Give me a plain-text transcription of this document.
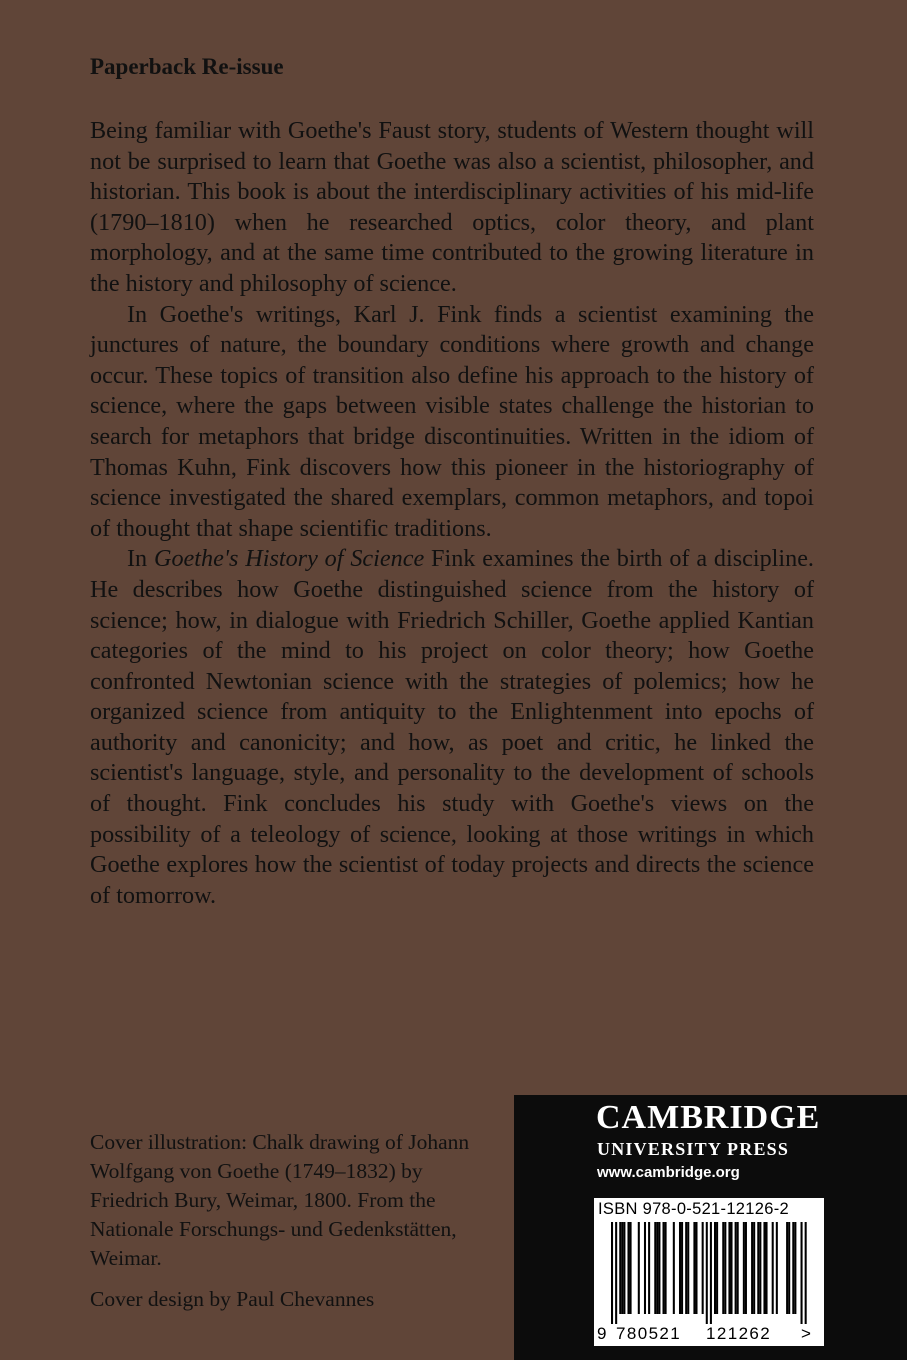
Paperback Re-issue

Being familiar with Goethe's Faust story, students of Western thought will not be surprised to learn that Goethe was also a scientist, philosopher, and historian. This book is about the interdisciplinary activities of his mid-life (1790–1810) when he researched optics, color theory, and plant morphology, and at the same time contributed to the growing literature in the history and philosophy of science.

In Goethe's writings, Karl J. Fink finds a scientist examining the junctures of nature, the boundary conditions where growth and change occur. These topics of transition also define his approach to the history of science, where the gaps between visible states challenge the historian to search for metaphors that bridge discontinuities. Written in the idiom of Thomas Kuhn, Fink discovers how this pioneer in the historiography of science investigated the shared exemplars, common metaphors, and topoi of thought that shape scientific traditions.

In Goethe's History of Science Fink examines the birth of a discipline. He describes how Goethe distinguished science from the history of science; how, in dialogue with Friedrich Schiller, Goethe applied Kantian categories of the mind to his project on color theory; how Goethe confronted Newtonian science with the strategies of polemics; how he organized science from antiquity to the Enlightenment into epochs of authority and canonicity; and how, as poet and critic, he linked the scientist's language, style, and personality to the development of schools of thought. Fink concludes his study with Goethe's views on the possibility of a teleology of science, looking at those writings in which Goethe explores how the scientist of today projects and directs the science of tomorrow.

Cover illustration: Chalk drawing of Johann Wolfgang von Goethe (1749–1832) by Friedrich Bury, Weimar, 1800. From the Nationale Forschungs- und Gedenkstätten, Weimar.

Cover design by Paul Chevannes

CAMBRIDGE
UNIVERSITY PRESS
www.cambridge.org
ISBN 978-0-521-12126-2
9 780521 121262 >
